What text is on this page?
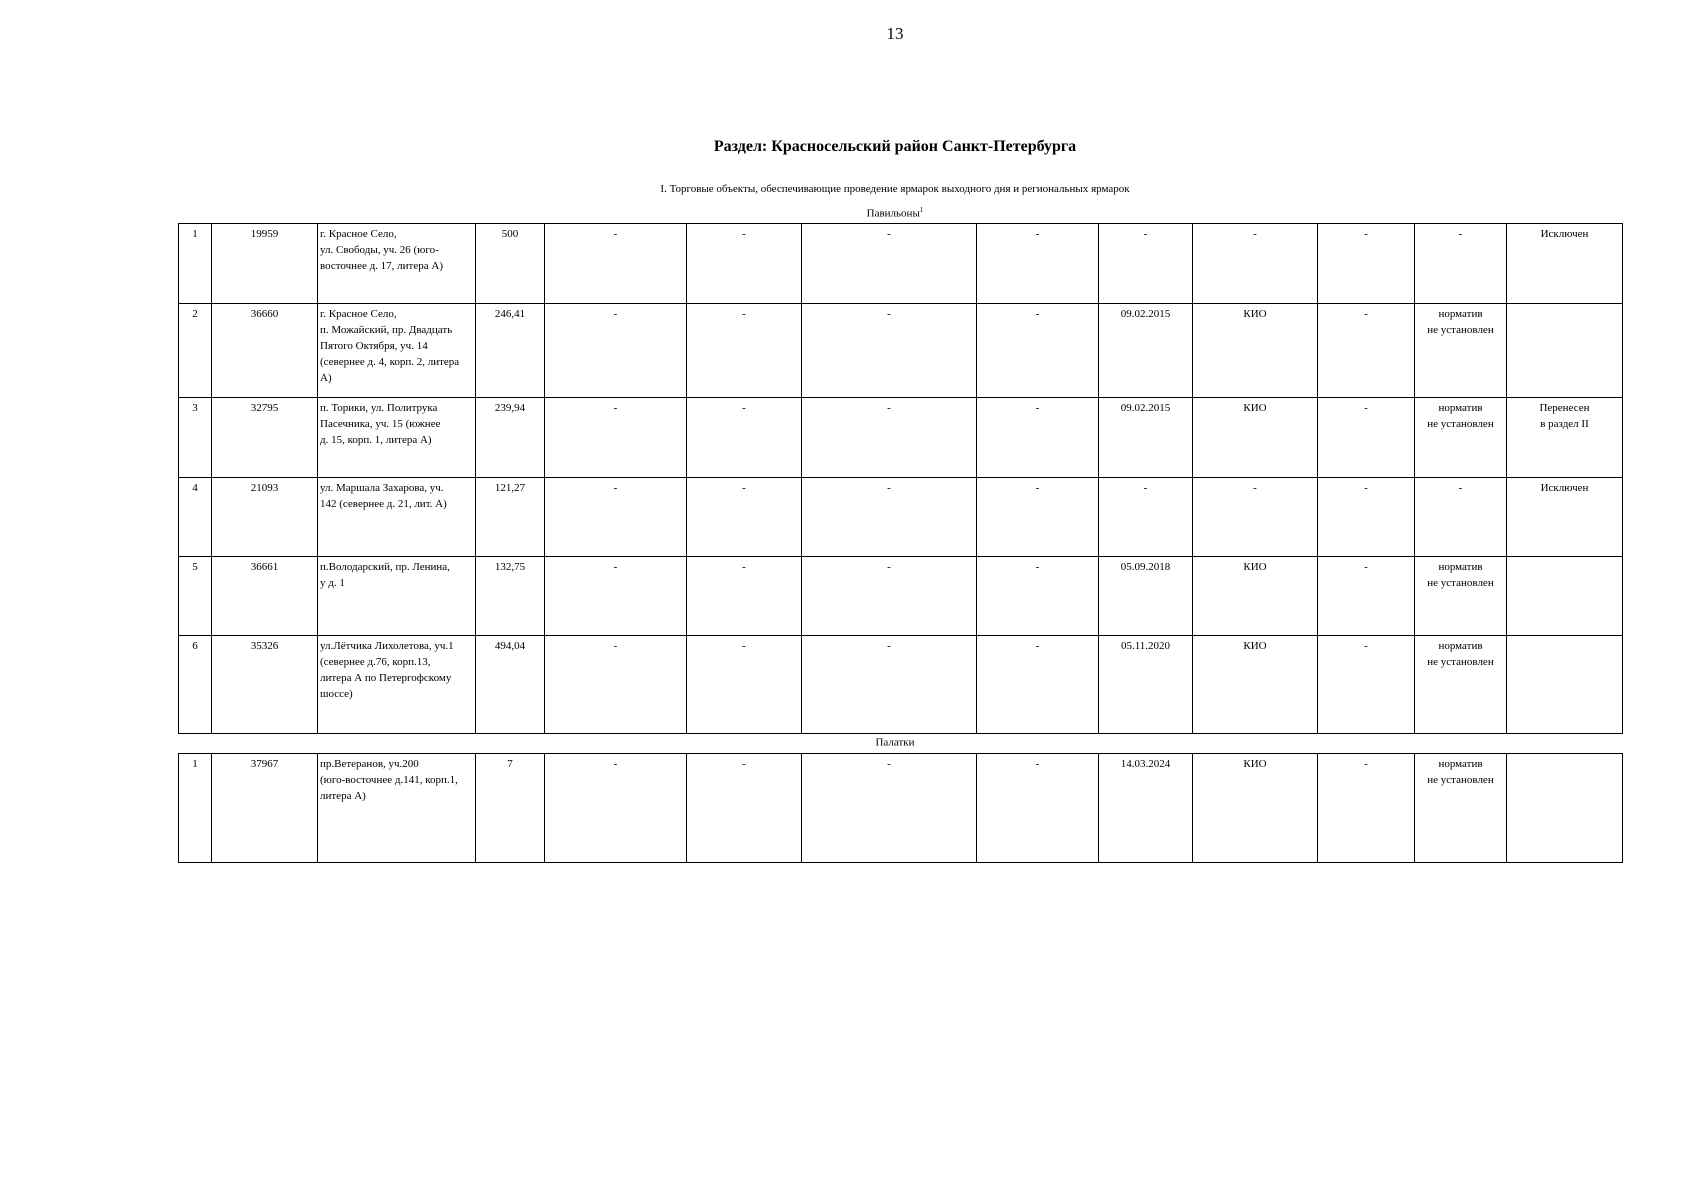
13
Раздел: Красносельский район Санкт-Петербурга
I. Торговые объекты, обеспечивающие проведение ярмарок выходного дня и региональных ярмарок
Павильоны$^1$
1	19959	г. Красное Село,
ул. Свободы, уч. 26 (юго-
восточнее д. 17, литера А)	500	-	-	-	-	-	-	-	-	Исключен
2	36660	г. Красное Село,
п. Можайский, пр. Двадцать
Пятого Октября, уч. 14
(севернее д. 4, корп. 2, литера
А)	246,41	-	-	-	-	09.02.2015	КИО	-	норматив
не установлен	
3	32795	п. Торики, ул. Политрука
Пасечника, уч. 15 (южнее
д. 15, корп. 1, литера А)	239,94	-	-	-	-	09.02.2015	КИО	-	норматив
не установлен	Перенесен
в раздел II
4	21093	ул. Маршала Захарова, уч.
142 (севернее д. 21, лит. А)	121,27	-	-	-	-	-	-	-	-	Исключен
5	36661	п.Володарский, пр. Ленина,
у д. 1	132,75	-	-	-	-	05.09.2018	КИО	-	норматив
не установлен	
6	35326	ул.Лётчика Лихолетова, уч.1
(севернее д.76, корп.13,
литера А по Петергофскому
шоссе)	494,04	-	-	-	-	05.11.2020	КИО	-	норматив
не установлен	
Палатки
1	37967	пр.Ветеранов, уч.200
(юго-восточнее д.141, корп.1,
литера А)	7	-	-	-	-	14.03.2024	КИО	-	норматив
не установлен	
